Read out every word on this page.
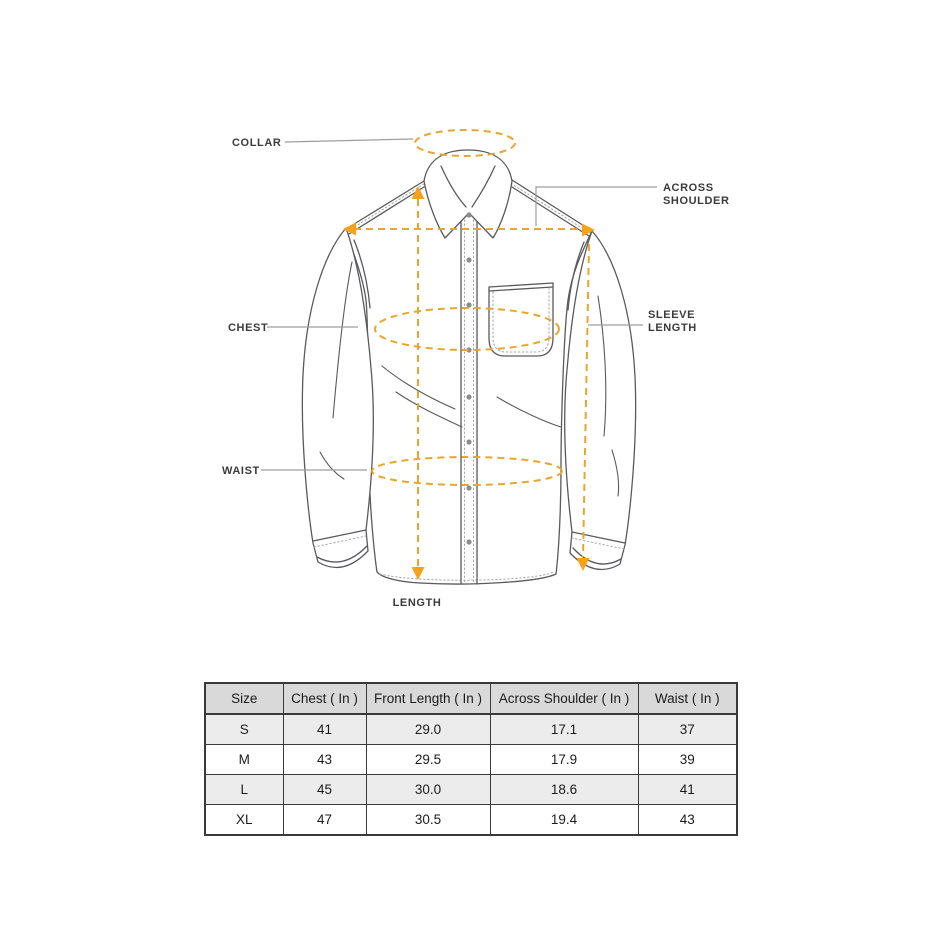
COLLAR
ACROSS
SHOULDER
SLEEVE
LENGTH
CHEST
WAIST
LENGTH
Size	Chest ( In )	Front Length ( In )	Across Shoulder ( In )	Waist ( In )
S	41	29.0	17.1	37
M	43	29.5	17.9	39
L	45	30.0	18.6	41
XL	47	30.5	19.4	43
